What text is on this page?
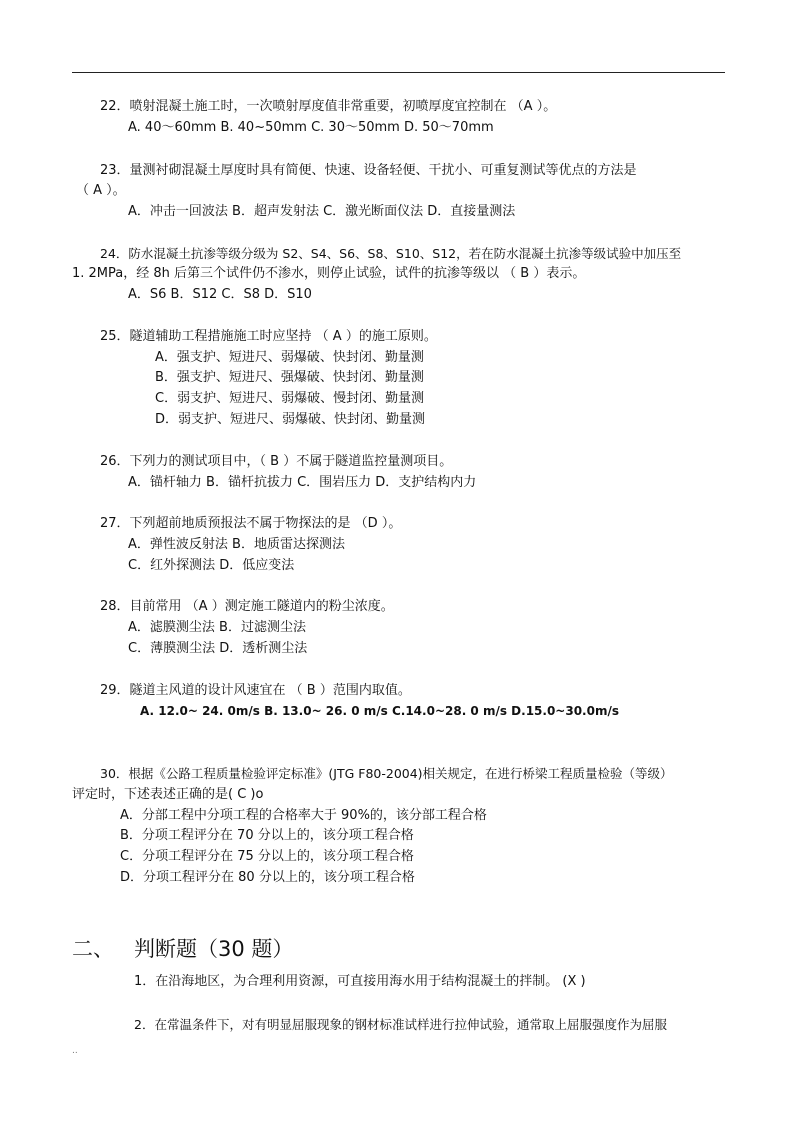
22．喷射混凝土施工时，一次喷射厚度值非常重要，初喷厚度宜控制在 （A ）。
A. 40～60mm B. 40~50mm C. 30～50mm D. 50～70mm
23．量测衬砌混凝土厚度时具有简便、快速、设备轻便、干扰小、可重复测试等优点的方法是
（ A ）。
A．冲击一回波法 B．超声发射法 C．激光断面仪法 D．直接量测法
24．防水混凝土抗渗等级分级为 S2、S4、S6、S8、S10、S12，若在防水混凝土抗渗等级试验中加压至
1. 2MPa，经 8h 后第三个试件仍不渗水，则停止试验，试件的抗渗等级以 （ B ）表示。
A．S6 B．S12 C．S8 D．S10
25．隧道辅助工程措施施工时应坚持 （ A ）的施工原则。
A．强支护、短进尺、弱爆破、快封闭、勤量测
B．强支护、短进尺、强爆破、快封闭、勤量测
C．弱支护、短进尺、弱爆破、慢封闭、勤量测
D．弱支护、短进尺、弱爆破、快封闭、勤量测
26．下列力的测试项目中，（ B ）不属于隧道监控量测项目。
A．锚杆轴力 B．锚杆抗拔力 C．围岩压力 D．支护结构内力
27．下列超前地质预报法不属于物探法的是 （D ）。
A．弹性波反射法 B．地质雷达探测法
C．红外探测法 D．低应变法
28．目前常用 （A ）测定施工隧道内的粉尘浓度。
A．滤膜测尘法 B．过滤测尘法
C．薄膜测尘法 D．透析测尘法
29．隧道主风道的设计风速宜在 （ B ）范围内取值。
A. 12.0~ 24. 0m/s B. 13.0~ 26. 0 m/s C.14.0~28. 0 m/s D.15.0~30.0m/s
30．根据《公路工程质量检验评定标准》(JTG F80-2004)相关规定，在进行桥梁工程质量检验（等级）
评定时，下述表述正确的是( C )o
A．分部工程中分项工程的合格率大于 90%的，该分部工程合格
B．分项工程评分在 70 分以上的，该分项工程合格
C．分项工程评分在 75 分以上的，该分项工程合格
D．分项工程评分在 80 分以上的，该分项工程合格
二、 判断题（30 题）
1．在沿海地区，为合理利用资源，可直接用海水用于结构混凝土的拌制。 (X )
2．在常温条件下，对有明显屈服现象的钢材标准试样进行拉伸试验，通常取上屈服强度作为屈服
..
